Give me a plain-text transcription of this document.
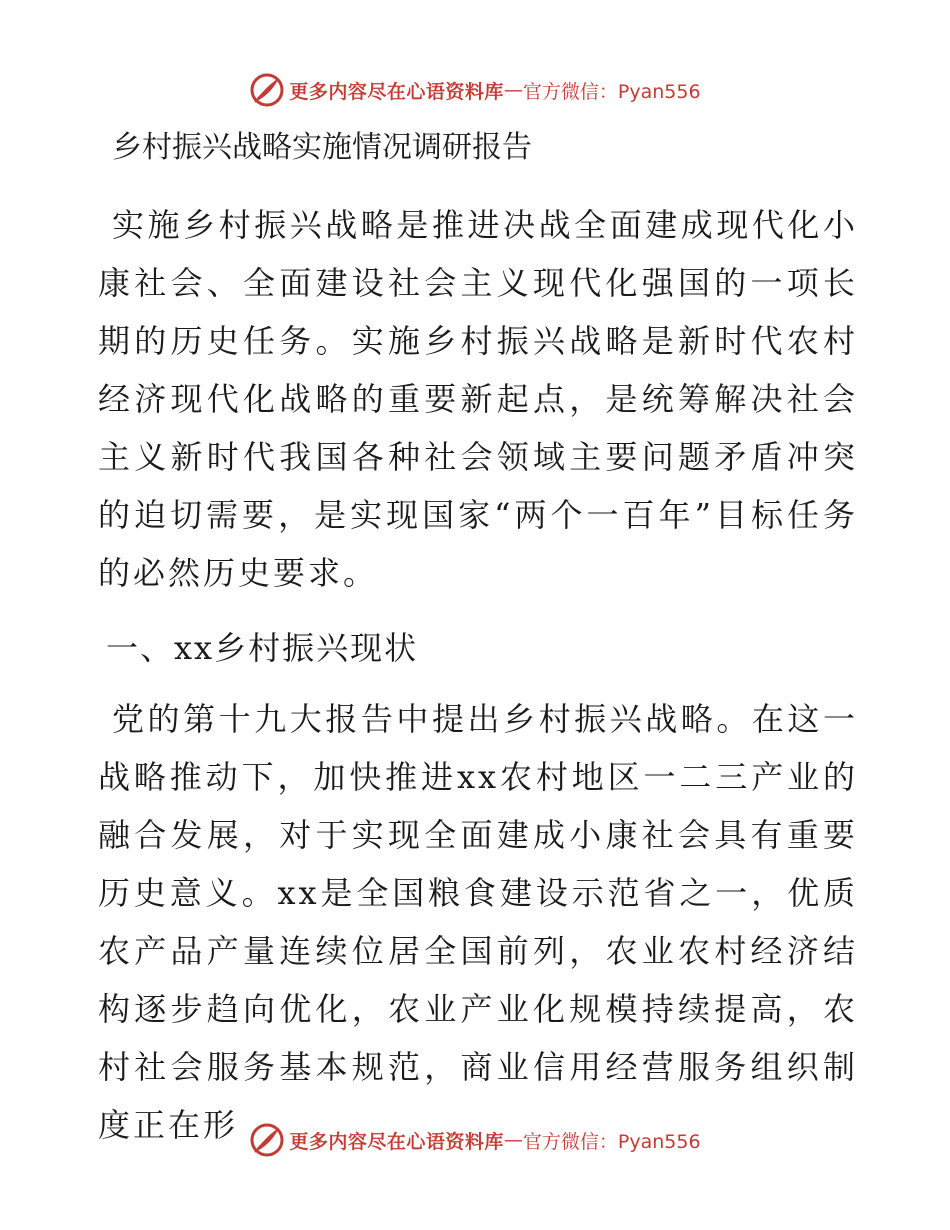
更多内容尽在心语资料库 — 官方微信：Pyan556
乡村振兴战略实施情况调研报告

实施乡村振兴战略是推进决战全面建成现代化小康社会、全面建设社会主义现代化强国的一项长期的历史任务。实施乡村振兴战略是新时代农村经济现代化战略的重要新起点，是统筹解决社会主义新时代我国各种社会领域主要问题矛盾冲突的迫切需要，是实现国家“两个一百年”目标任务的必然历史要求。

一、xx乡村振兴现状

党的第十九大报告中提出乡村振兴战略。在这一战略推动下，加快推进xx农村地区一二三产业的融合发展，对于实现全面建成小康社会具有重要历史意义。xx是全国粮食建设示范省之一，优质农产品产量连续位居全国前列，农业农村经济结构逐步趋向优化，农业产业化规模持续提高，农村社会服务基本规范，商业信用经营服务组织制度正在形	更多内容尽在心语资料库 — 官方微信：Pyan556
